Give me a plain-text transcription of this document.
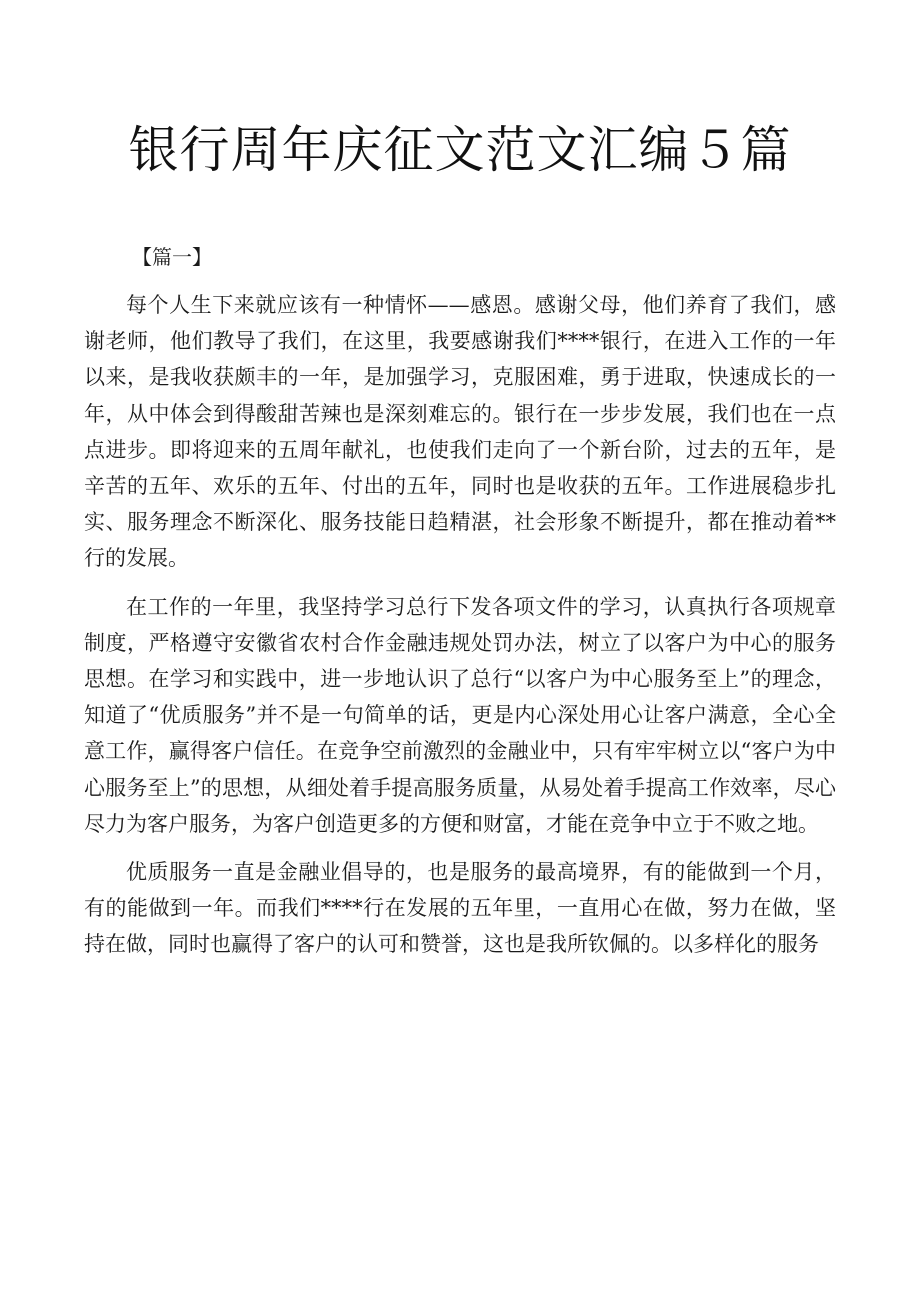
银行周年庆征文范文汇编５篇

【篇一】

每个人生下来就应该有一种情怀——感恩。感谢父母，他们养育了我们，感谢老师，他们教导了我们，在这里，我要感谢我们****银行，在进入工作的一年以来，是我收获颇丰的一年，是加强学习，克服困难，勇于进取，快速成长的一年，从中体会到得酸甜苦辣也是深刻难忘的。银行在一步步发展，我们也在一点点进步。即将迎来的五周年献礼，也使我们走向了一个新台阶，过去的五年，是辛苦的五年、欢乐的五年、付出的五年，同时也是收获的五年。工作进展稳步扎实、服务理念不断深化、服务技能日趋精湛，社会形象不断提升，都在推动着**行的发展。

在工作的一年里，我坚持学习总行下发各项文件的学习，认真执行各项规章制度，严格遵守安徽省农村合作金融违规处罚办法，树立了以客户为中心的服务思想。在学习和实践中，进一步地认识了总行“以客户为中心服务至上”的理念，知道了“优质服务”并不是一句简单的话，更是内心深处用心让客户满意，全心全意工作，赢得客户信任。在竞争空前激烈的金融业中，只有牢牢树立以“客户为中心服务至上”的思想，从细处着手提高服务质量，从易处着手提高工作效率，尽心尽力为客户服务，为客户创造更多的方便和财富，才能在竞争中立于不败之地。

优质服务一直是金融业倡导的，也是服务的最高境界，有的能做到一个月，有的能做到一年。而我们****行在发展的五年里，一直用心在做，努力在做，坚持在做，同时也赢得了客户的认可和赞誉，这也是我所钦佩的。以多样化的服务
